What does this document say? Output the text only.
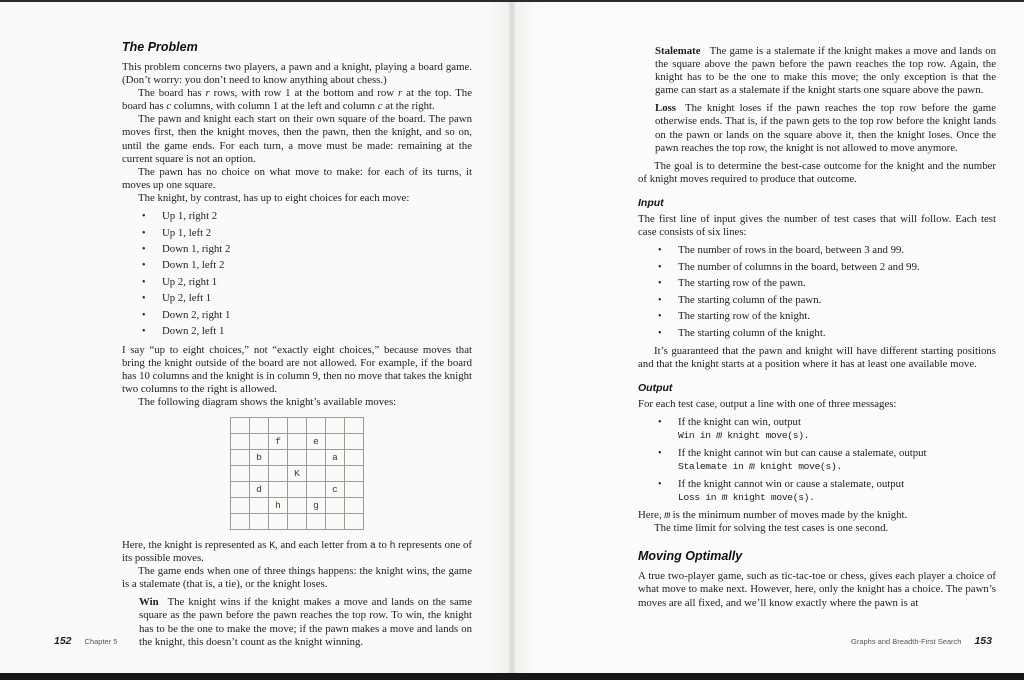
The Problem

This problem concerns two players, a pawn and a knight, playing a board game. (Don’t worry: you don’t need to know anything about chess.)

The board has r rows, with row 1 at the bottom and row r at the top. The board has c columns, with column 1 at the left and column c at the right.

The pawn and knight each start on their own square of the board. The pawn moves first, then the knight moves, then the pawn, then the knight, and so on, until the game ends. For each turn, a move must be made: remaining at the current square is not an option.

The pawn has no choice on what move to make: for each of its turns, it moves up one square.

The knight, by contrast, has up to eight choices for each move:

• Up 1, right 2
• Up 1, left 2
• Down 1, right 2
• Down 1, left 2
• Up 2, right 1
• Up 2, left 1
• Down 2, right 1
• Down 2, left 1

I say “up to eight choices,” not “exactly eight choices,” because moves that bring the knight outside of the board are not allowed. For example, if the board has 10 columns and the knight is in column 9, then no move that takes the knight two columns to the right is allowed.

The following diagram shows the knight’s available moves:

		f		e		
	b				a	
			K			
	d				c	
		h		g		

Here, the knight is represented as K, and each letter from a to h represents one of its possible moves.

The game ends when one of three things happens: the knight wins, the game is a stalemate (that is, a tie), or the knight loses.

Win The knight wins if the knight makes a move and lands on the same square as the pawn before the pawn reaches the top row. To win, the knight has to be the one to make the move; if the pawn makes a move and lands on the knight, this doesn’t count as the knight winning.

152 Chapter 5

Stalemate The game is a stalemate if the knight makes a move and lands on the square above the pawn before the pawn reaches the top row. Again, the knight has to be the one to make this move; the only exception is that the game can start as a stalemate if the knight starts one square above the pawn.

Loss The knight loses if the pawn reaches the top row before the game otherwise ends. That is, if the pawn gets to the top row before the knight lands on the pawn or lands on the square above it, then the knight loses. Once the pawn reaches the top row, the knight is not allowed to move anymore.

The goal is to determine the best-case outcome for the knight and the number of knight moves required to produce that outcome.

Input

The first line of input gives the number of test cases that will follow. Each test case consists of six lines:

• The number of rows in the board, between 3 and 99.
• The number of columns in the board, between 2 and 99.
• The starting row of the pawn.
• The starting column of the pawn.
• The starting row of the knight.
• The starting column of the knight.

It’s guaranteed that the pawn and knight will have different starting positions and that the knight starts at a position where it has at least one available move.

Output

For each test case, output a line with one of three messages:

• If the knight can win, output
Win in m knight move(s).
• If the knight cannot win but can cause a stalemate, output
Stalemate in m knight move(s).
• If the knight cannot win or cause a stalemate, output
Loss in m knight move(s).

Here, m is the minimum number of moves made by the knight.

The time limit for solving the test cases is one second.

Moving Optimally

A true two-player game, such as tic-tac-toe or chess, gives each player a choice of what move to make next. However, here, only the knight has a choice. The pawn’s moves are all fixed, and we’ll know exactly where the pawn is at

Graphs and Breadth-First Search 153
